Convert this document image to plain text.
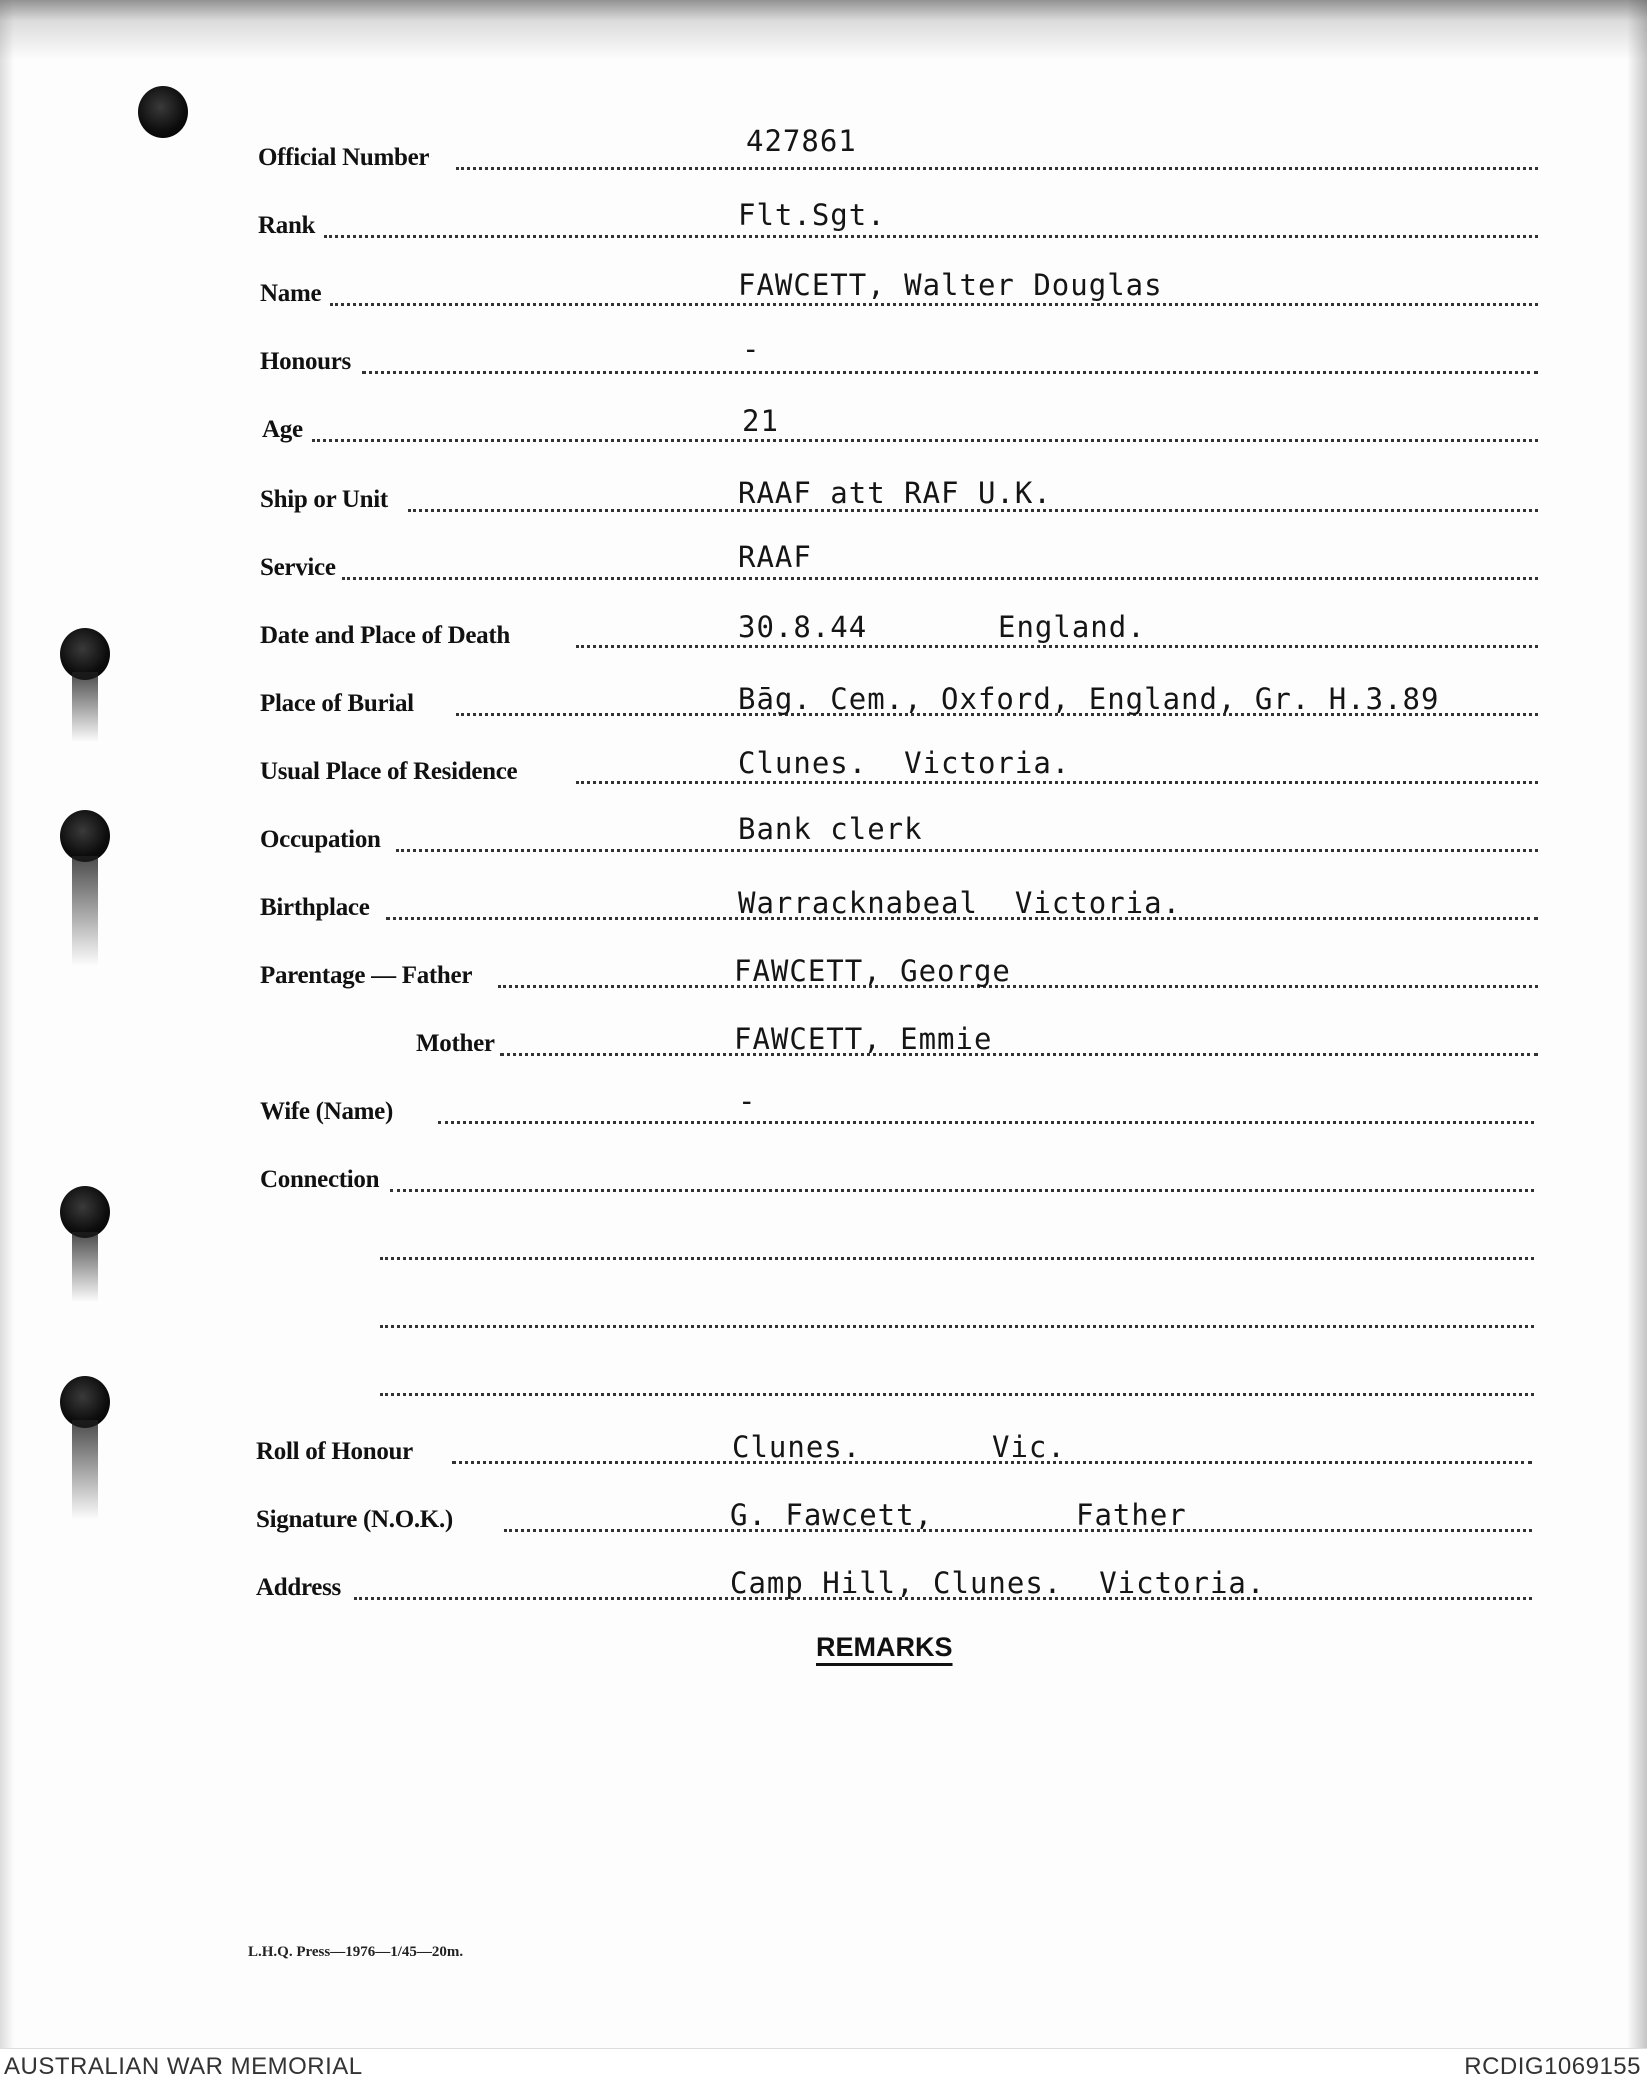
Official Number	427861
Rank	Flt.Sgt.
Name	FAWCETT, Walter Douglas
Honours	-
Age	21
Ship or Unit	RAAF att RAF U.K.
Service	RAAF
Date and Place of Death	30.8.44	England.
Place of Burial	Bāg. Cem., Oxford, England, Gr. H.3.89
Usual Place of Residence	Clunes.  Victoria.
Occupation	Bank clerk
Birthplace	Warracknabeal  Victoria.
Parentage — Father	FAWCETT, George
Mother	FAWCETT, Emmie
Wife (Name)	-
Connection
Roll of Honour	Clunes.	Vic.
Signature (N.O.K.)	G. Fawcett,	Father
Address	Camp Hill, Clunes.  Victoria.
REMARKS
L.H.Q. Press—1976—1/45—20m.
AUSTRALIAN WAR MEMORIAL	RCDIG1069155
